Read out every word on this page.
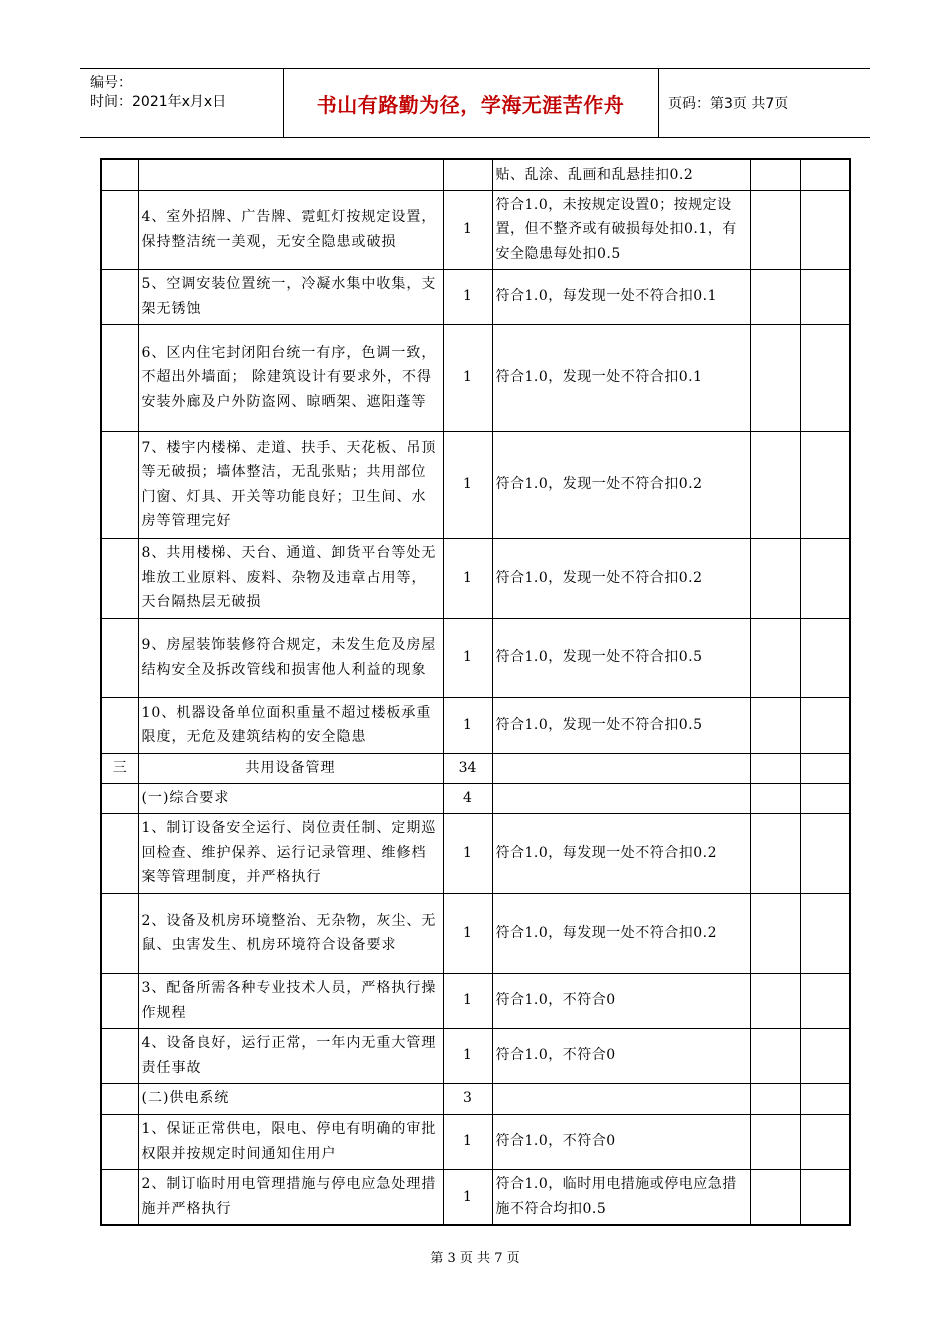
编号：
时间：2021年x月x日	书山有路勤为径，学海无涯苦作舟	页码：第3页 共7页
			贴、乱涂、乱画和乱悬挂扣0.2		
	4、室外招牌、广告牌、霓虹灯按规定设置，保持整洁统一美观，无安全隐患或破损	1	符合1.0，未按规定设置0；按规定设置，但不整齐或有破损每处扣0.1，有安全隐患每处扣0.5		
	5、空调安装位置统一，冷凝水集中收集，支架无锈蚀	1	符合1.0，每发现一处不符合扣0.1		
	6、区内住宅封闭阳台统一有序，色调一致，不超出外墙面； 除建筑设计有要求外，不得安装外廊及户外防盗网、晾晒架、遮阳蓬等	1	符合1.0，发现一处不符合扣0.1		
	7、楼宇内楼梯、走道、扶手、天花板、吊顶等无破损；墙体整洁，无乱张贴；共用部位门窗、灯具、开关等功能良好；卫生间、水房等管理完好	1	符合1.0，发现一处不符合扣0.2		
	8、共用楼梯、天台、通道、卸货平台等处无堆放工业原料、废料、杂物及违章占用等，天台隔热层无破损	1	符合1.0，发现一处不符合扣0.2		
	9、房屋装饰装修符合规定，未发生危及房屋结构安全及拆改管线和损害他人利益的现象	1	符合1.0，发现一处不符合扣0.5		
	10、机器设备单位面积重量不超过楼板承重限度，无危及建筑结构的安全隐患	1	符合1.0，发现一处不符合扣0.5		
三	共用设备管理	34			
	(一)综合要求	4			
	1、制订设备安全运行、岗位责任制、定期巡回检查、维护保养、运行记录管理、维修档案等管理制度，并严格执行	1	符合1.0，每发现一处不符合扣0.2		
	2、设备及机房环境整治、无杂物，灰尘、无鼠、虫害发生、机房环境符合设备要求	1	符合1.0，每发现一处不符合扣0.2		
	3、配备所需各种专业技术人员，严格执行操作规程	1	符合1.0，不符合0		
	4、设备良好，运行正常，一年内无重大管理责任事故	1	符合1.0，不符合0		
	(二)供电系统	3			
	1、保证正常供电，限电、停电有明确的审批权限并按规定时间通知住用户	1	符合1.0，不符合0		
	2、制订临时用电管理措施与停电应急处理措施并严格执行	1	符合1.0，临时用电措施或停电应急措施不符合均扣0.5		
第 3 页 共 7 页
